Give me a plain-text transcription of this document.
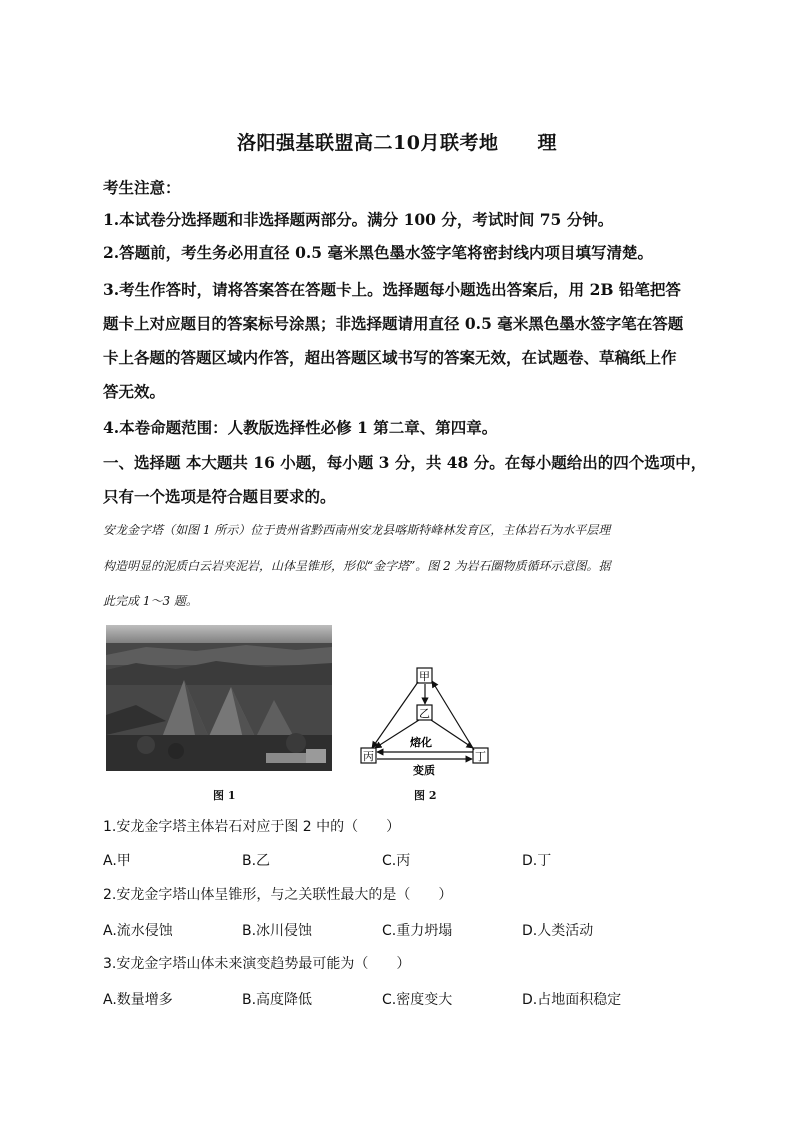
洛阳强基联盟高二10月联考地　　理
考生注意：
1.本试卷分选择题和非选择题两部分。满分 100 分，考试时间 75 分钟。
2.答题前，考生务必用直径 0.5 毫米黑色墨水签字笔将密封线内项目填写清楚。
3.考生作答时，请将答案答在答题卡上。选择题每小题选出答案后，用 2B 铅笔把答
题卡上对应题目的答案标号涂黑；非选择题请用直径 0.5 毫米黑色墨水签字笔在答题
卡上各题的答题区域内作答，超出答题区域书写的答案无效，在试题卷、草稿纸上作
答无效。
4.本卷命题范围：人教版选择性必修 1 第二章、第四章。
一、选择题 本大题共 16 小题，每小题 3 分，共 48 分。在每小题给出的四个选项中，
只有一个选项是符合题目要求的。
安龙金字塔（如图 1 所示）位于贵州省黔西南州安龙县喀斯特峰林发育区，主体岩石为水平层理
构造明显的泥质白云岩夹泥岩，山体呈锥形，形似“金字塔”。图 2 为岩石圈物质循环示意图。据
此完成 1～3 题。
图 1
甲
乙
丙	丁
熔化
变质
图 2
1.安龙金字塔主体岩石对应于图 2 中的（　　）
A.甲	B.乙	C.丙	D.丁
2.安龙金字塔山体呈锥形，与之关联性最大的是（　　）
A.流水侵蚀	B.冰川侵蚀	C.重力坍塌	D.人类活动
3.安龙金字塔山体未来演变趋势最可能为（　　）
A.数量增多	B.高度降低	C.密度变大	D.占地面积稳定
